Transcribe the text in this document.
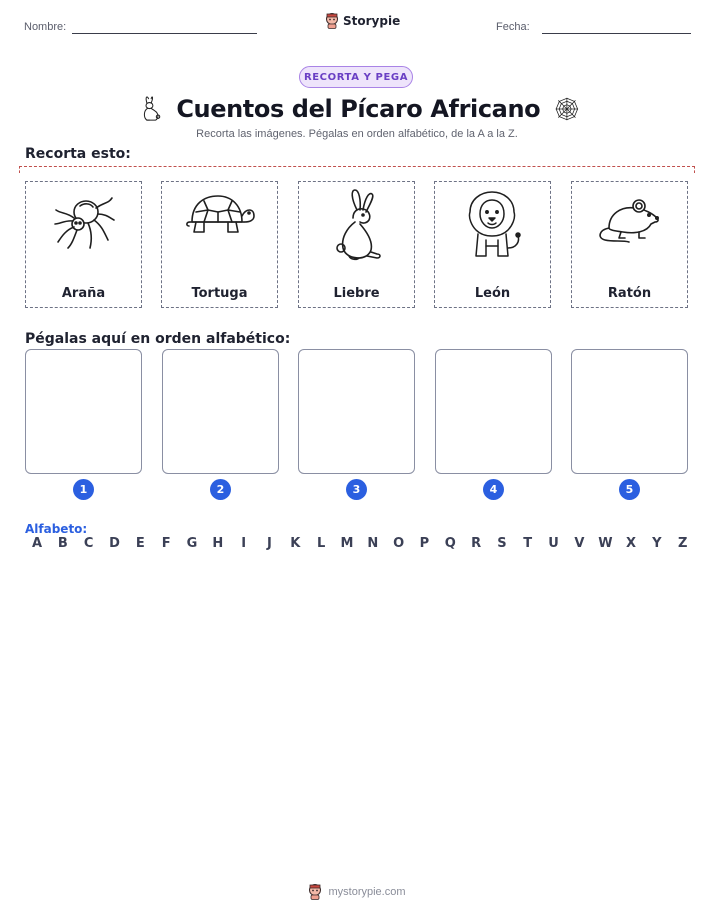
Nombre:	Storypie	Fecha:
RECORTA Y PEGA
Cuentos del Pícaro Africano
Recorta las imágenes. Pégalas en orden alfabético, de la A a la Z.
Recorta esto:
Araña	Tortuga	Liebre	León	Ratón
Pégalas aquí en orden alfabético:
1	2	3	4	5
Alfabeto:
A B C D E F G H	I	J	K L M N O P Q R S T U V W X Y Z
mystorypie.com
